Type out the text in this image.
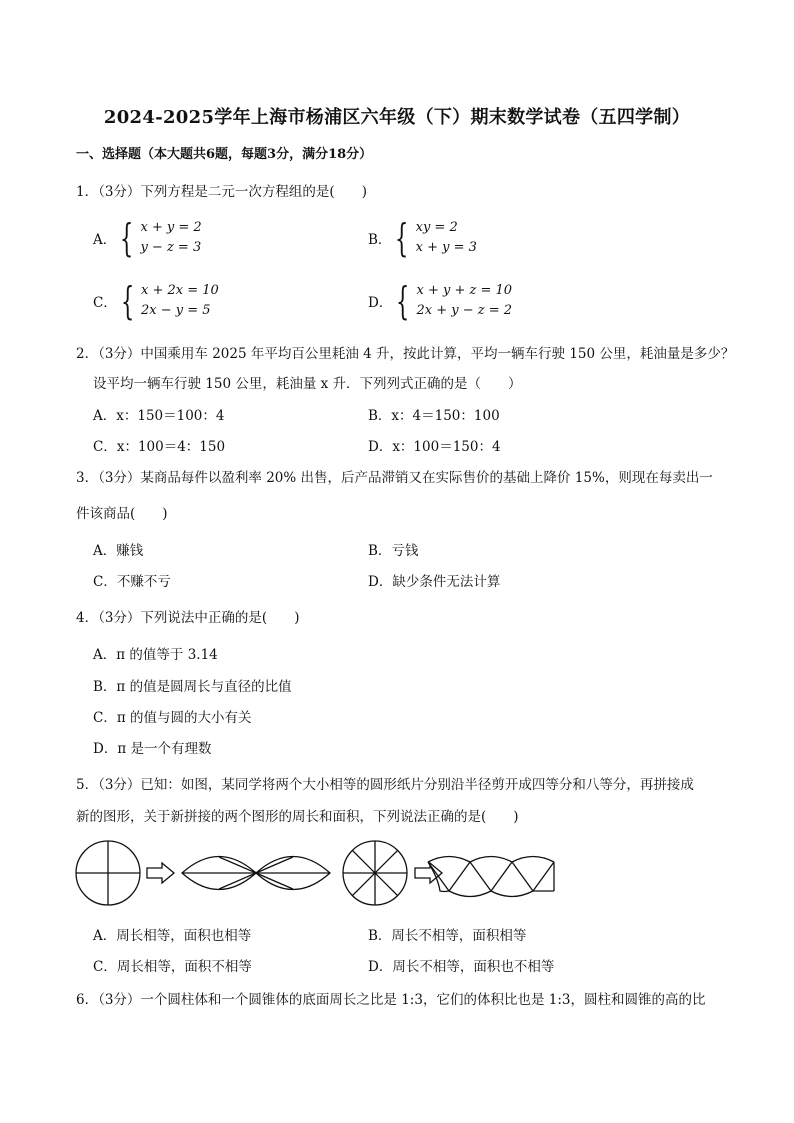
2024-2025学年上海市杨浦区六年级（下）期末数学试卷（五四学制）
一、选择题（本大题共6题，每题3分，满分18分）
1．（3分）下列方程是二元一次方程组的是(　　)
A． { x + y = 2
y − z = 3	B． { xy = 2
x + y = 3
C． { x + 2x = 10
2x − y = 5	D． { x + y + z = 10
2x + y − z = 2
2．（3分）中国乘用车 2025 年平均百公里耗油 4 升，按此计算，平均一辆车行驶 150 公里，耗油量是多少？
设平均一辆车行驶 150 公里，耗油量 x 升．下列列式正确的是（　　）
A．x：150＝100：4	B．x：4＝150：100
C．x：100＝4：150	D．x：100＝150：4
3．（3分）某商品每件以盈利率 20% 出售，后产品滞销又在实际售价的基础上降价 15%，则现在每卖出一
件该商品(　　)
A．赚钱	B．亏钱
C．不赚不亏	D．缺少条件无法计算
4．（3分）下列说法中正确的是(　　)
A．π 的值等于 3.14
B．π 的值是圆周长与直径的比值
C．π 的值与圆的大小有关
D．π 是一个有理数
5．（3分）已知：如图，某同学将两个大小相等的圆形纸片分别沿半径剪开成四等分和八等分，再拼接成
新的图形，关于新拼接的两个图形的周长和面积，下列说法正确的是(　　)
A．周长相等，面积也相等	B．周长不相等，面积相等
C．周长相等，面积不相等	D．周长不相等，面积也不相等
6．（3分）一个圆柱体和一个圆锥体的底面周长之比是 1:3，它们的体积比也是 1:3，圆柱和圆锥的高的比
